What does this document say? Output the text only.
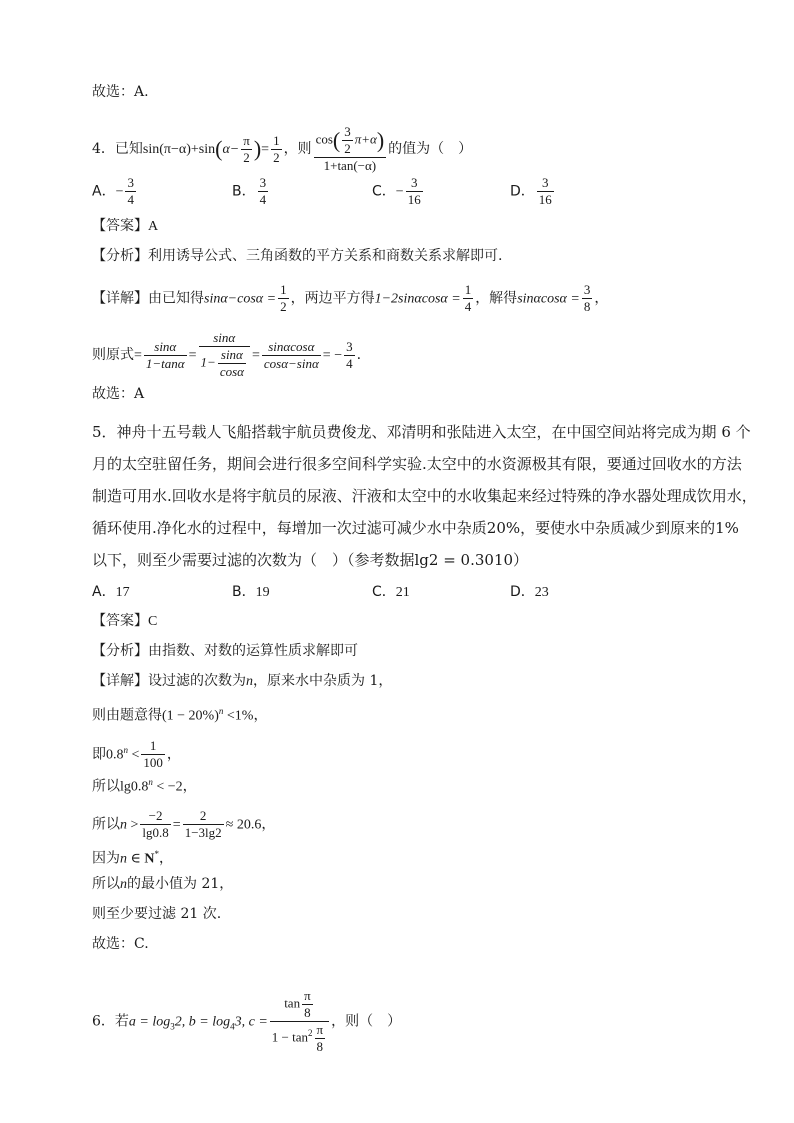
故选：A.
4．已知$\sin(\pi-\alpha)+\sin(\alpha- \frac{\pi}{2}$ )= $\frac{1}{2}$ ，则 $\frac{\cos( \frac{3}{2} \pi+\alpha)}{1+\tan(-\alpha)}$ 的值为（　）
A．− $\frac{3}{4}$	B． $\frac{3}{4}$	C．− $\frac{3}{16}$	D． $\frac{3}{16}$
【答案】A
【分析】利用诱导公式、三角函数的平方关系和商数关系求解即可.
【详解】由已知得$\sin\alpha-\cos\alpha = \frac{1}{2}$ ，两边平方得$1-2\sin\alpha\cos\alpha = \frac{1}{4}$ ，解得$\sin\alpha\cos\alpha = \frac{3}{8}$ ，
则原式= $\frac{\sin\alpha}{1-\tan\alpha} = \frac{\sin\alpha}{1- \frac{\sin\alpha}{\cos\alpha}} = \frac{\sin\alpha\cos\alpha}{\cos\alpha-\sin\alpha}$ = − $\frac{3}{4}$ .
故选：A
5．神舟十五号载人飞船搭载宇航员费俊龙、邓清明和张陆进入太空，在中国空间站将完成为期 6 个
月的太空驻留任务，期间会进行很多空间科学实验.太空中的水资源极其有限，要通过回收水的方法
制造可用水.回收水是将宇航员的尿液、汗液和太空中的水收集起来经过特殊的净水器处理成饮用水，
循环使用.净化水的过程中，每增加一次过滤可减少水中杂质20%，要使水中杂质减少到原来的1%
以下，则至少需要过滤的次数为（　）（参考数据lg2 = 0.3010）
A．17	B．19	C．21	D．23
【答案】C
【分析】由指数、对数的运算性质求解即可
【详解】设过滤的次数为n，原来水中杂质为 1，
则由题意得$(1 - 20\%)^n <1\%$，
即$0.8^n < \frac{1}{100}$ ，
所以$\lg 0.8^n < -2$，
所以$n > \frac{-2}{\lg 0.8} = \frac{2}{1-3\lg 2} \approx 20.6$，
因为n ∈ N*，
所以n的最小值为 21，
则至少要过滤 21 次.
故选：C.
6．若$a = \log_32$, $b = \log_43$, $c = \frac{\tan \frac{\pi}{8}}{1 - \tan^2 \frac{\pi}{8}}$ ，则（　）
